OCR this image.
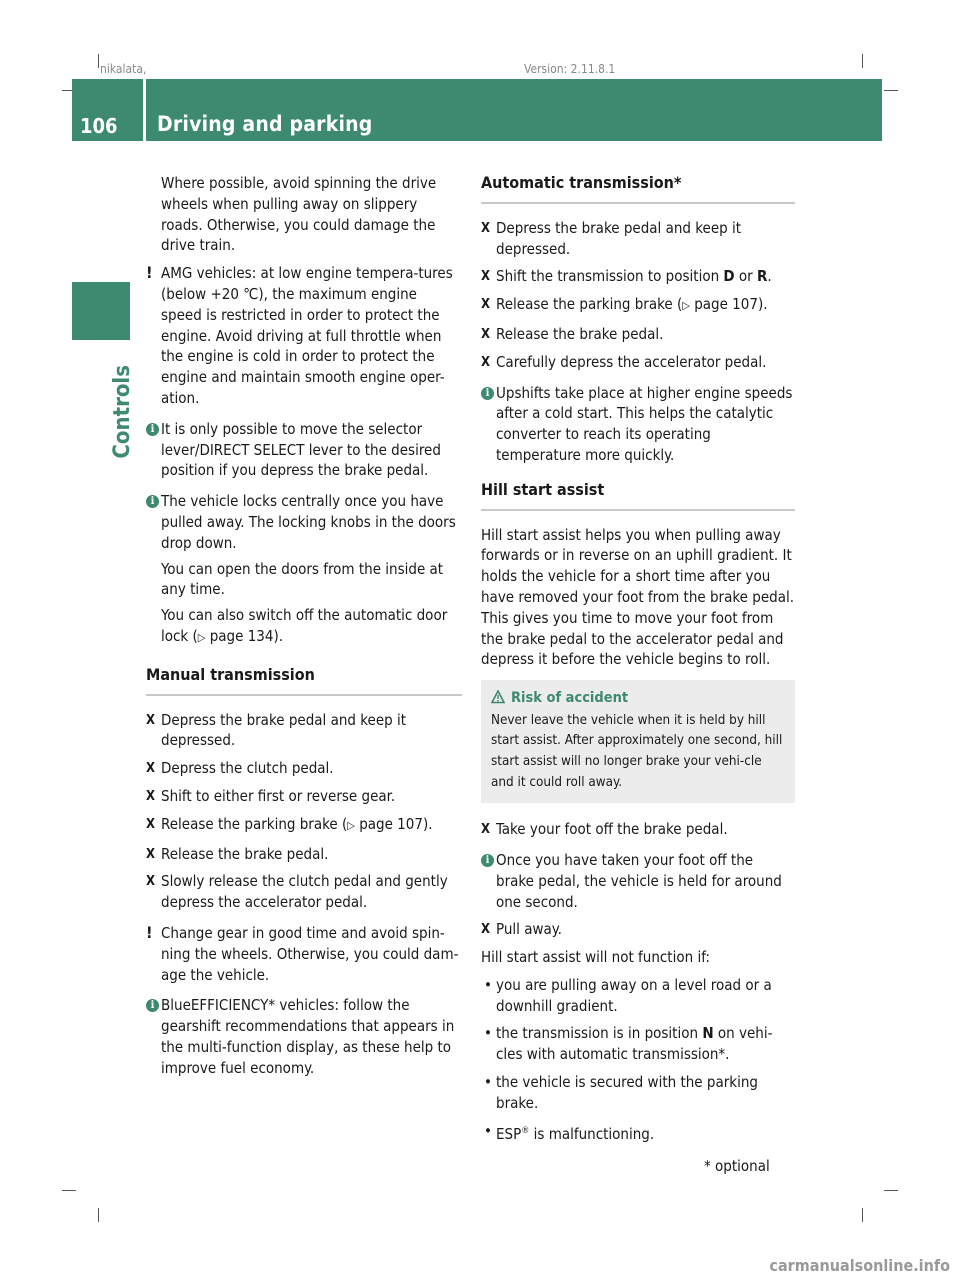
nikalata,	Version: 2.11.8.1
106 Driving and parking
Controls
Where possible, avoid spinning the drive wheels when pulling away on slippery roads. Otherwise, you could damage the drive train.
! AMG vehicles: at low engine tempera-tures (below +20 ℃), the maximum engine speed is restricted in order to protect the engine. Avoid driving at full throttle when the engine is cold in order to protect the engine and maintain smooth engine oper-ation.
i It is only possible to move the selector lever/DIRECT SELECT lever to the desired position if you depress the brake pedal.
i The vehicle locks centrally once you have pulled away. The locking knobs in the doors drop down.
You can open the doors from the inside at any time.
You can also switch off the automatic door lock (▷ page 134).
Manual transmission
X Depress the brake pedal and keep it depressed.
X Depress the clutch pedal.
X Shift to either first or reverse gear.
X Release the parking brake (▷ page 107).
X Release the brake pedal.
X Slowly release the clutch pedal and gently depress the accelerator pedal.
! Change gear in good time and avoid spin-ning the wheels. Otherwise, you could dam-age the vehicle.
i BlueEFFICIENCY* vehicles: follow the gearshift recommendations that appears in the multi-function display, as these help to improve fuel economy.
Automatic transmission*
X Depress the brake pedal and keep it depressed.
X Shift the transmission to position D or R.
X Release the parking brake (▷ page 107).
X Release the brake pedal.
X Carefully depress the accelerator pedal.
i Upshifts take place at higher engine speeds after a cold start. This helps the catalytic converter to reach its operating temperature more quickly.
Hill start assist
Hill start assist helps you when pulling away forwards or in reverse on an uphill gradient. It holds the vehicle for a short time after you have removed your foot from the brake pedal. This gives you time to move your foot from the brake pedal to the accelerator pedal and depress it before the vehicle begins to roll.
Risk of accident
Never leave the vehicle when it is held by hill start assist. After approximately one second, hill start assist will no longer brake your vehi-cle and it could roll away.
X Take your foot off the brake pedal.
i Once you have taken your foot off the brake pedal, the vehicle is held for around one second.
X Pull away.
Hill start assist will not function if:
• you are pulling away on a level road or a downhill gradient.
• the transmission is in position N on vehi-cles with automatic transmission*.
• the vehicle is secured with the parking brake.
• ESP® is malfunctioning.
* optional
carmanualsonline.info
